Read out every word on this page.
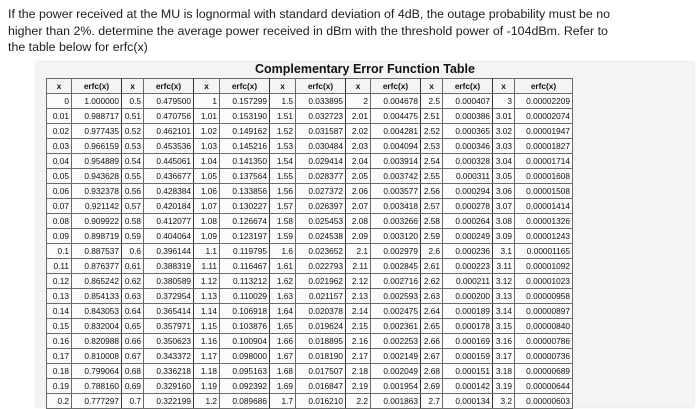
If the power received at the MU is lognormal with standard deviation of 4dB, the outage probability must be no
higher than 2%. determine the average power received in dBm with the threshold power of -104dBm. Refer to
the table below for erfc(x)
Complementary Error Function Table
x	erfc(x)	x	erfc(x)	x	erfc(x)	x	erfc(x)	x	erfc(x)	x	erfc(x)	x	erfc(x)
0	1.000000	0.5	0.479500	1	0.157299	1.5	0.033895	2	0.004678	2.5	0.000407	3	0.00002209
0.01	0.988717	0.51	0.470756	1.01	0.153190	1.51	0.032723	2.01	0.004475	2.51	0.000386	3.01	0.00002074
0.02	0.977435	0.52	0.462101	1.02	0.149162	1.52	0.031587	2.02	0.004281	2.52	0.000365	3.02	0.00001947
0.03	0.966159	0.53	0.453536	1.03	0.145216	1.53	0.030484	2.03	0.004094	2.53	0.000346	3.03	0.00001827
0.04	0.954889	0.54	0.445061	1.04	0.141350	1.54	0.029414	2.04	0.003914	2.54	0.000328	3.04	0.00001714
0.05	0.943628	0.55	0.436677	1.05	0.137564	1.55	0.028377	2.05	0.003742	2.55	0.000311	3.05	0.00001608
0.06	0.932378	0.56	0.428384	1.06	0.133856	1.56	0.027372	2.06	0.003577	2.56	0.000294	3.06	0.00001508
0.07	0.921142	0.57	0.420184	1.07	0.130227	1.57	0.026397	2.07	0.003418	2.57	0.000278	3.07	0.00001414
0.08	0.909922	0.58	0.412077	1.08	0.126674	1.58	0.025453	2.08	0.003266	2.58	0.000264	3.08	0.00001326
0.09	0.898719	0.59	0.404064	1.09	0.123197	1.59	0.024538	2.09	0.003120	2.59	0.000249	3.09	0.00001243
0.1	0.887537	0.6	0.396144	1.1	0.119795	1.6	0.023652	2.1	0.002979	2.6	0.000236	3.1	0.00001165
0.11	0.876377	0.61	0.388319	1.11	0.116467	1.61	0.022793	2.11	0.002845	2.61	0.000223	3.11	0.00001092
0.12	0.865242	0.62	0.380589	1.12	0.113212	1.62	0.021962	2.12	0.002716	2.62	0.000211	3.12	0.00001023
0.13	0.854133	0.63	0.372954	1.13	0.110029	1.63	0.021157	2.13	0.002593	2.63	0.000200	3.13	0.00000958
0.14	0.843053	0.64	0.365414	1.14	0.106918	1.64	0.020378	2.14	0.002475	2.64	0.000189	3.14	0.00000897
0.15	0.832004	0.65	0.357971	1.15	0.103876	1.65	0.019624	2.15	0.002361	2.65	0.000178	3.15	0.00000840
0.16	0.820988	0.66	0.350623	1.16	0.100904	1.66	0.018895	2.16	0.002253	2.66	0.000169	3.16	0.00000786
0.17	0.810008	0.67	0.343372	1.17	0.098000	1.67	0.018190	2.17	0.002149	2.67	0.000159	3.17	0.00000736
0.18	0.799064	0.68	0.336218	1.18	0.095163	1.68	0.017507	2.18	0.002049	2.68	0.000151	3.18	0.00000689
0.19	0.788160	0.69	0.329160	1.19	0.092392	1.69	0.016847	2.19	0.001954	2.69	0.000142	3.19	0.00000644
0.2	0.777297	0.7	0.322199	1.2	0.089686	1.7	0.016210	2.2	0.001863	2.7	0.000134	3.2	0.00000603
